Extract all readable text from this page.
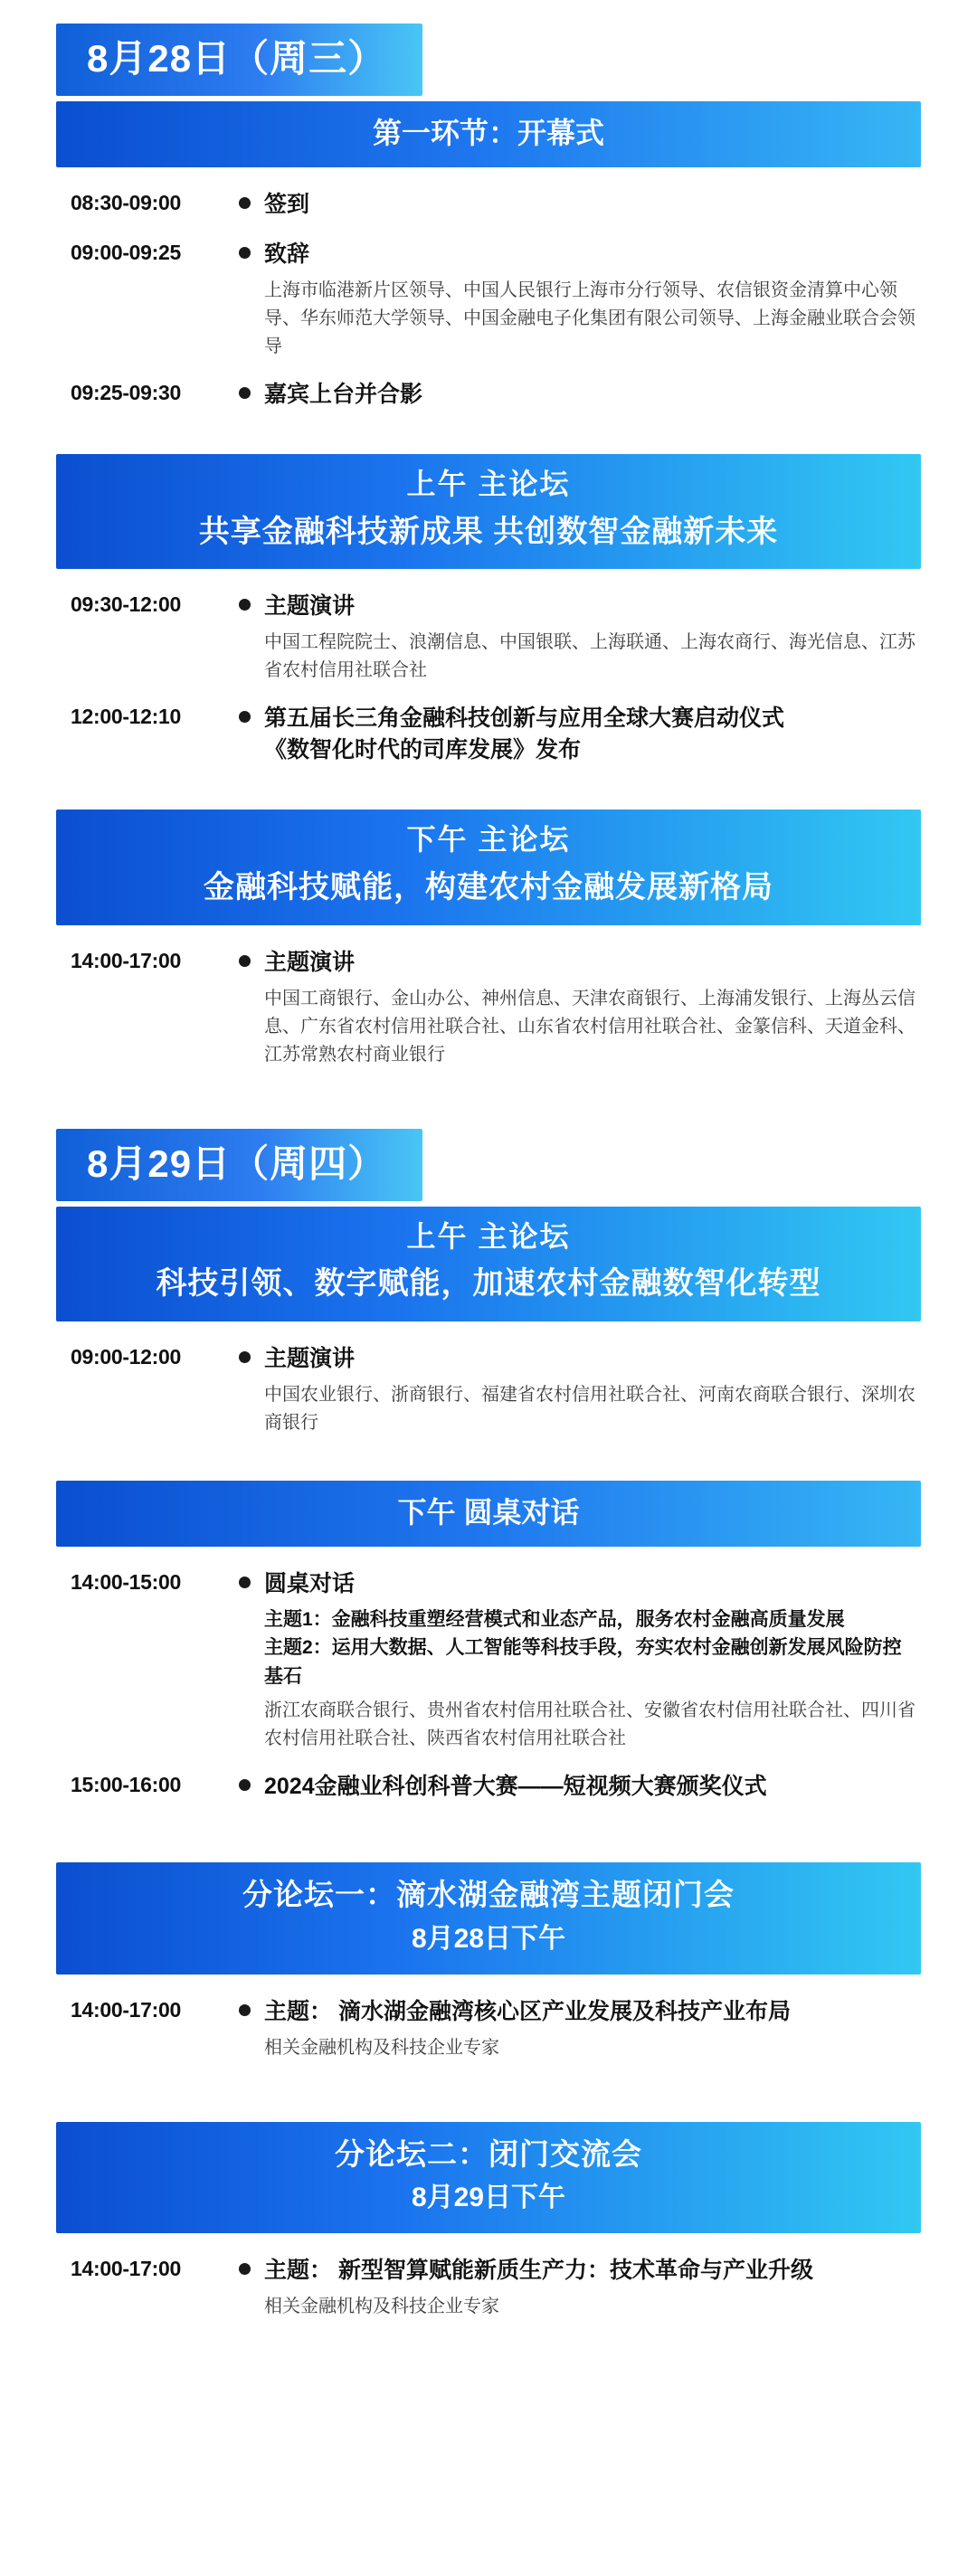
8月28日（周三）
第一环节：开幕式
08:30-09:00	签到
09:00-09:25	致辞
上海市临港新片区领导、中国人民银行上海市分行领导、农信银资金清算中心领导、华东师范大学领导、中国金融电子化集团有限公司领导、上海金融业联合会领导
09:25-09:30	嘉宾上台并合影
上午 主论坛
共享金融科技新成果 共创数智金融新未来
09:30-12:00	主题演讲
中国工程院院士、浪潮信息、中国银联、上海联通、上海农商行、海光信息、江苏省农村信用社联合社
12:00-12:10	第五届长三角金融科技创新与应用全球大赛启动仪式
《数智化时代的司库发展》发布
下午 主论坛
金融科技赋能，构建农村金融发展新格局
14:00-17:00	主题演讲
中国工商银行、金山办公、神州信息、天津农商银行、上海浦发银行、上海丛云信息、广东省农村信用社联合社、山东省农村信用社联合社、金篆信科、天道金科、江苏常熟农村商业银行
8月29日（周四）
上午 主论坛
科技引领、数字赋能，加速农村金融数智化转型
09:00-12:00	主题演讲
中国农业银行、浙商银行、福建省农村信用社联合社、河南农商联合银行、深圳农商银行
下午 圆桌对话
14:00-15:00	圆桌对话
主题1：金融科技重塑经营模式和业态产品，服务农村金融高质量发展
主题2：运用大数据、人工智能等科技手段，夯实农村金融创新发展风险防控基石
浙江农商联合银行、贵州省农村信用社联合社、安徽省农村信用社联合社、四川省农村信用社联合社、陕西省农村信用社联合社
15:00-16:00	2024金融业科创科普大赛——短视频大赛颁奖仪式
分论坛一：滴水湖金融湾主题闭门会
8月28日下午
14:00-17:00	主题： 滴水湖金融湾核心区产业发展及科技产业布局
相关金融机构及科技企业专家
分论坛二：闭门交流会
8月29日下午
14:00-17:00	主题： 新型智算赋能新质生产力：技术革命与产业升级
相关金融机构及科技企业专家
